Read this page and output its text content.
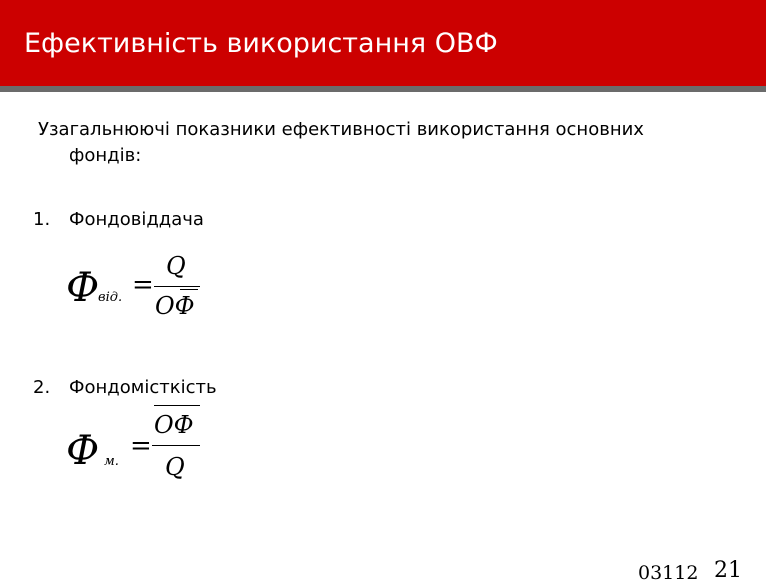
Ефективність використання ОВФ
Узагальнюючі показники ефективності використання основних
фондів:
1. Фондовіддача
Ф
від. =
Q
ОФ
2. Фондомісткість
Ф м.
=
ОФ
Q
03112 21
